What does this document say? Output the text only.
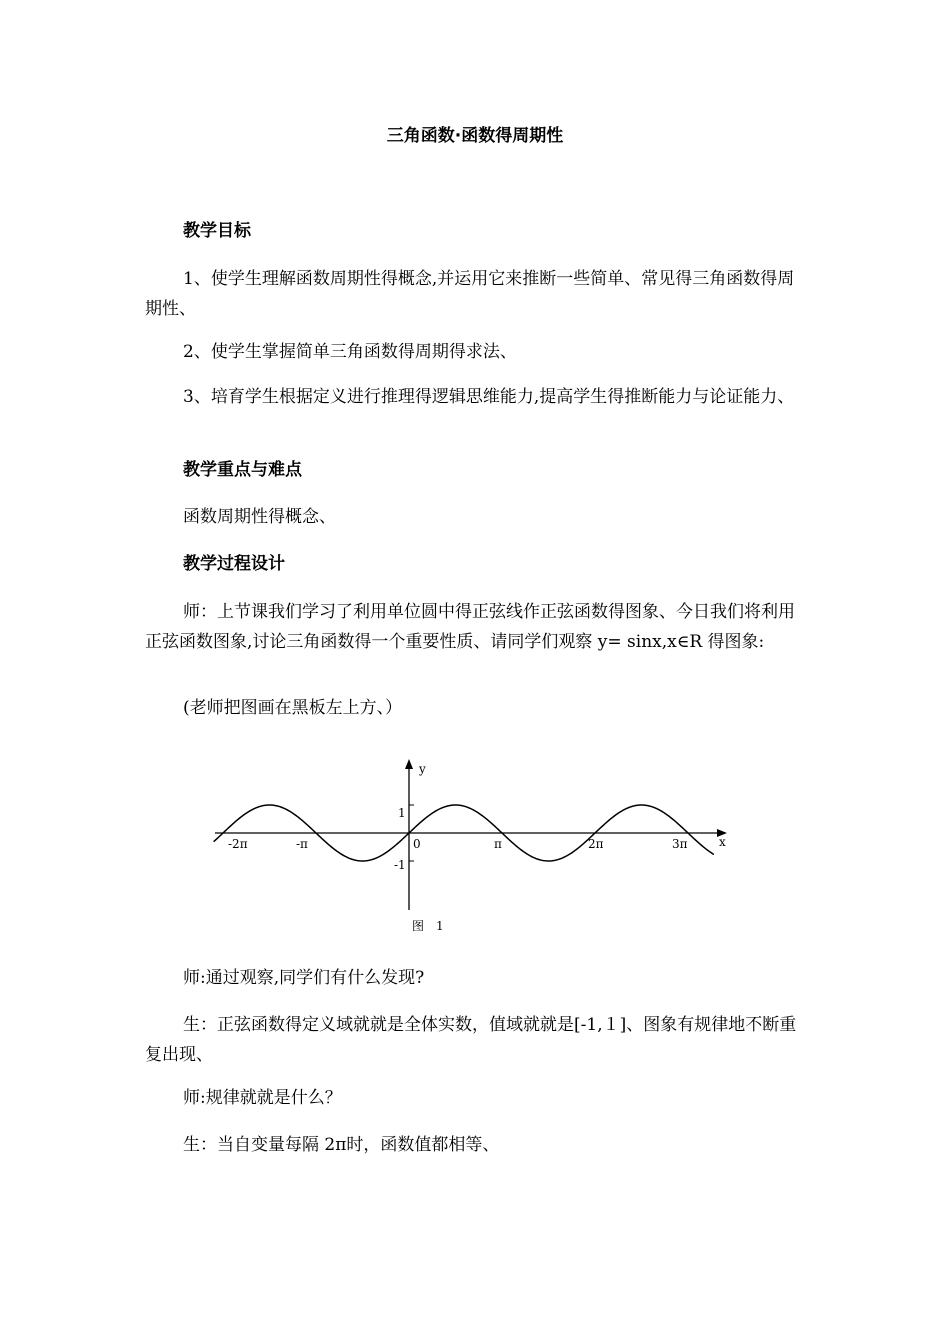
三角函数·函数得周期性
教学目标
1、使学生理解函数周期性得概念,并运用它来推断一些简单、常见得三角函数得周期性、
2、使学生掌握简单三角函数得周期得求法、
3、培育学生根据定义进行推理得逻辑思维能力,提高学生得推断能力与论证能力、
教学重点与难点
函数周期性得概念、
教学过程设计
师：上节课我们学习了利用单位圆中得正弦线作正弦函数得图象、今日我们将利用正弦函数图象,讨论三角函数得一个重要性质、请同学们观察 y= sinx,x∈R 得图象:
(老师把图画在黑板左上方、）
y
x
0
1
-1
-2π	-π	π	2π	3π
图　1
师:通过观察,同学们有什么发现?
生：正弦函数得定义域就就是全体实数，值域就就是[-1,１]、图象有规律地不断重复出现、
师:规律就就是什么？
生：当自变量每隔 2π时，函数值都相等、
